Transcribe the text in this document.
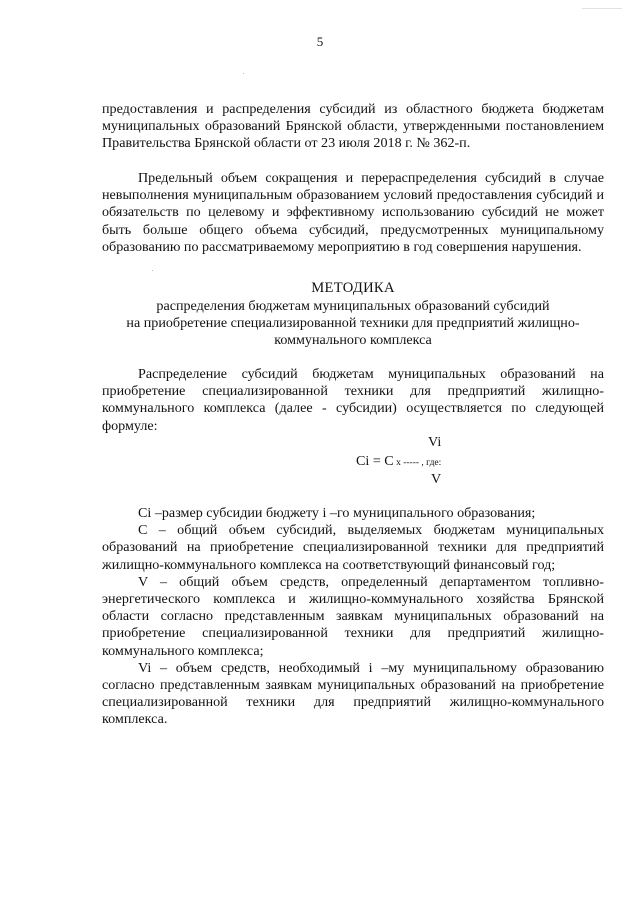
5

предоставления и распределения субсидий из областного бюджета бюджетам муниципальных образований Брянской области, утвержденными постановлением Правительства Брянской области от 23 июля 2018 г. № 362-п.

Предельный объем сокращения и перераспределения субсидий в случае невыполнения муниципальным образованием условий предоставления субсидий и обязательств по целевому и эффективному использованию субсидий не может быть больше общего объема субсидий, предусмотренных муниципальному образованию по рассматриваемому мероприятию в год совершения нарушения.

МЕТОДИКА
распределения бюджетам муниципальных образований субсидий
на приобретение специализированной техники для предприятий жилищно-
коммунального комплекса

Распределение субсидий бюджетам муниципальных образований на приобретение специализированной техники для предприятий жилищно-коммунального комплекса (далее - субсидии) осуществляется по следующей формуле:

Vi
Ci = C x ----- , где:
V

Ci –размер субсидии бюджету i –го муниципального образования;

С – общий объем субсидий, выделяемых бюджетам муниципальных образований на приобретение специализированной техники для предприятий жилищно-коммунального комплекса на соответствующий финансовый год;

V – общий объем средств, определенный департаментом топливно-энергетического комплекса и жилищно-коммунального хозяйства Брянской области согласно представленным заявкам муниципальных образований на приобретение специализированной техники для предприятий жилищно-коммунального комплекса;

Vi – объем средств, необходимый i –му муниципальному образованию согласно представленным заявкам муниципальных образований на приобретение специализированной техники для предприятий жилищно-коммунального комплекса.
